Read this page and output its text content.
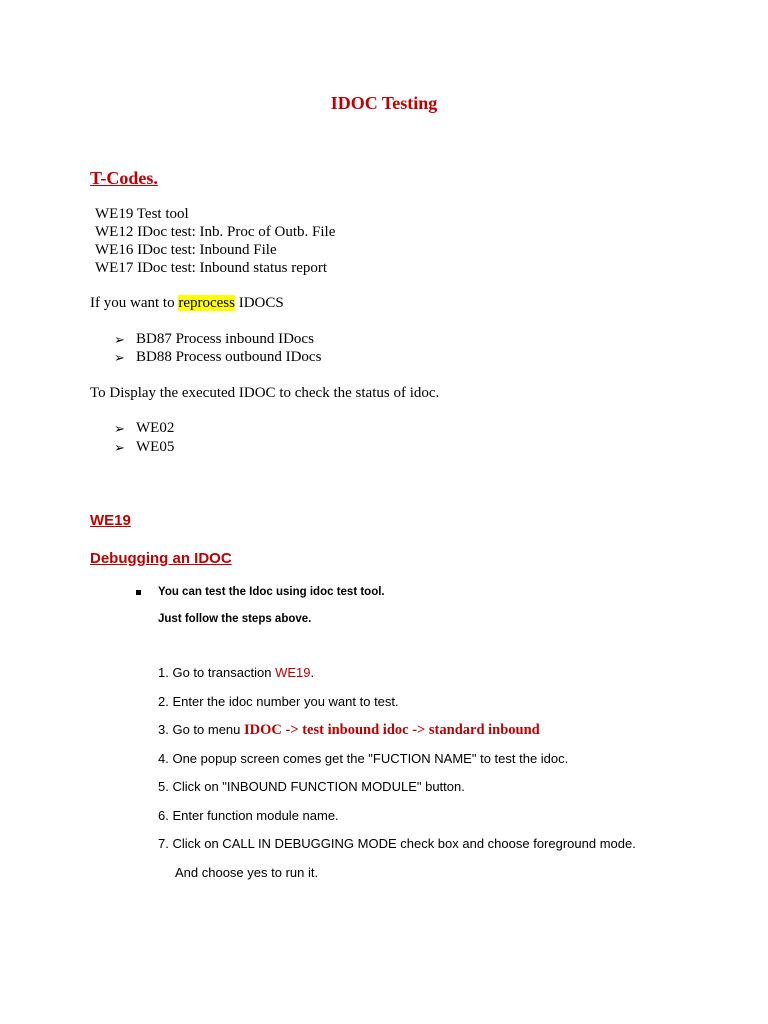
IDOC Testing
T-Codes.
WE19 Test tool
WE12 IDoc test: Inb. Proc of Outb. File
WE16 IDoc test: Inbound File
WE17 IDoc test: Inbound status report
If you want to reprocess IDOCS
➢ BD87 Process inbound IDocs
➢ BD88 Process outbound IDocs
To Display the executed IDOC to check the status of idoc.
➢ WE02
➢ WE05
WE19
Debugging an IDOC
You can test the Idoc using idoc test tool.
Just follow the steps above.
1. Go to transaction WE19.
2. Enter the idoc number you want to test.
3. Go to menu IDOC -> test inbound idoc -> standard inbound
4. One popup screen comes get the "FUCTION NAME" to test the idoc.
5. Click on "INBOUND FUNCTION MODULE" button.
6. Enter function module name.
7. Click on CALL IN DEBUGGING MODE check box and choose foreground mode.
And choose yes to run it.
